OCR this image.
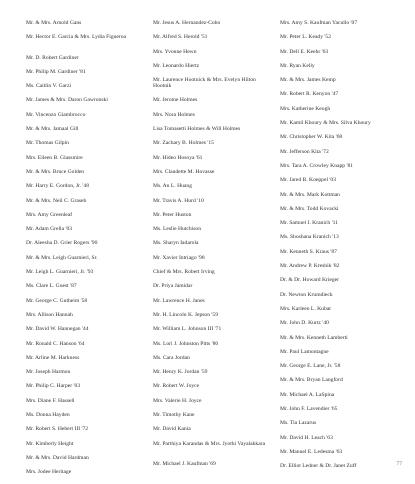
Mr. & Mrs. Arnold Gans
Mr. Hector E. Garcia & Mrs. Lydia Figueroa
Mr. D. Robert Gardiner
Mr. Philip M. Gardiner '81
Ms. Caitlin V. Garzi
Mr. James & Mrs. Daron Gawronski
Mr. Vincenzo Giambrocco
Mr. & Mrs. Jamaal Gill
Mr. Thomas Gilpin
Mrs. Eileen B. Glassmire
Mr. & Mrs. Bruce Golden
Mr. Harry E. Gordon, Jr. '48
Mr. & Mrs. Neil C. Graseb
Mrs. Amy Greenleaf
Mr. Adam Grella '03
Dr. Aleesha D. Grier Rogers '90
Mr. & Mrs. Leigh Guarnieri, Sr.
Mr. Leigh L. Guarnieri, Jr. '93
Ms. Clare L. Guest '87
Mr. George C. Gutheim '58
Mrs. Allison Hannah
Mr. David W. Hannegan '44
Mr. Ronald C. Hanson '64
Mr. Arline M. Harkness
Mr. Joseph Harmon
Mr. Philip C. Harper '03
Mrs. Diane F. Hassell
Ms. Donna Hayden
Mr. Robert S. Hebert III '72
Mr. Kimberly Height
Mr. & Mrs. David Hardman
Mrs. Jodee Heritage
Mr. Jesus A. Hernandez-Cobo
Mr. Alfred S. Herold '51
Mrs. Yvonne Hewn
Mr. Leonardo Hiertz
Mr. Laurence Hootnick & Mrs. Evelyn Hilton Hootnik
Mr. Jerome Holmes
Mrs. Nora Holmes
Lisa Tomasetti Holmes & Will Holmes
Mr. Zachary B. Holmes '15
Mr. Hideo Hosoya '61
Mrs. Claudette M. Hovasse
Ms. An L. Huang
Mr. Travis A. Hurd '10
Mr. Peter Huston
Ms. Leslie Hutchison
Ms. Sharyn Iadarola
Mr. Xavier Intriago '98
Chief & Mrs. Robert Irving
Dr. Priya Jamidar
Mr. Lawrence H. Janes
Mr. H. Lincoln K. Jepson '59
Mr. William L. Johnson III '71
Ms. Lori J. Johnston Pitts '80
Ms. Cara Jordan
Mr. Henry K. Jordan '59
Mr. Robert W. Joyce
Mrs. Valerie H. Joyce
Mr. Timothy Kane
Mr. David Kania
Mr. Parthiya Karandas & Mrs. Jyothi Vayalakkara
Mr. Michael J. Kaufman '69
Mrs. Amy S. Kaufman Yacullo '07
Mr. Peter L. Keady '52
Mr. Dell E. Keehr '63
Mr. Ryan Kelly
Mr. & Mrs. James Kemp
Mr. Robert R. Kenyon '47
Mrs. Katherine Keogh
Mr. Kamil Khoury & Mrs. Silva Khoury
Mr. Christopher W. Kita '68
Mr. Jefferson Kita '72
Mrs. Tara A. Crowley Knapp '81
Mr. Jared B. Koeppel '03
Mr. & Mrs. Mark Kottman
Mr. & Mrs. Todd Kovacki
Mr. Samuel I. Kranich '11
Ms. Shoshana Kranich '13
Mr. Kenneth S. Kraus '87
Mr. Andrew P. Kreshik '82
Dr. & Dr. Howard Krieger
Dr. Newton Krumdieck
Mrs. Karleen L. Kubat
Mr. John D. Kurtz '40
Mr. & Mrs. Kenneth Lamberti
Mr. Paul Lamontagne
Mr. George E. Lane, Jr. '58
Mr. & Mrs. Bryan Langford
Mr. Michael A. LaSpina
Mr. John F. Lavendier '65
Ms. Tia Lazarus
Mr. David H. Leach '63
Mr. Manuel E. Ledesma '63
Dr. Elliot Ledner & Dr. Janet Zuff	77
